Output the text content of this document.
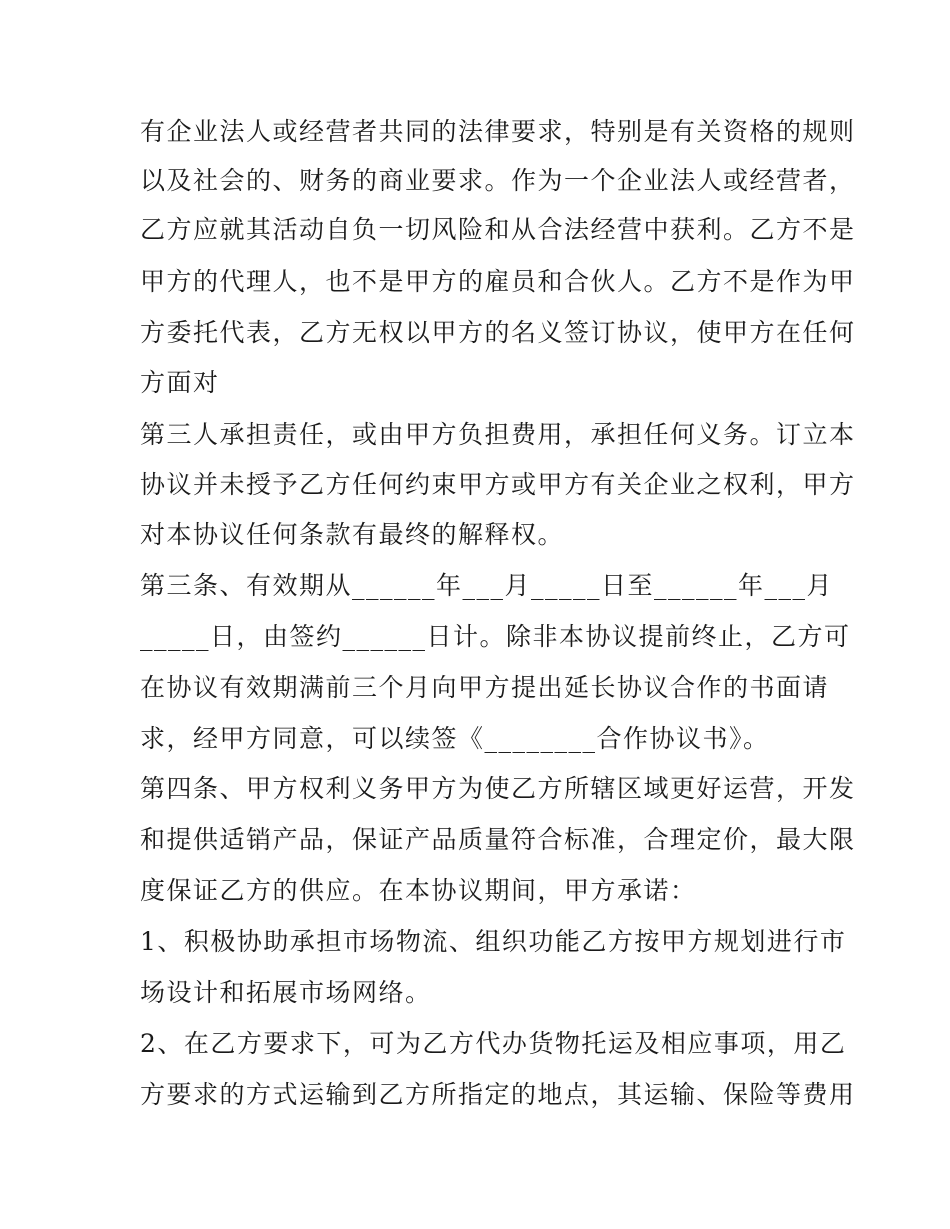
有企业法人或经营者共同的法律要求，特别是有关资格的规则
以及社会的、财务的商业要求。作为一个企业法人或经营者，
乙方应就其活动自负一切风险和从合法经营中获利。乙方不是
甲方的代理人，也不是甲方的雇员和合伙人。乙方不是作为甲
方委托代表，乙方无权以甲方的名义签订协议，使甲方在任何
方面对
第三人承担责任，或由甲方负担费用，承担任何义务。订立本
协议并未授予乙方任何约束甲方或甲方有关企业之权利，甲方
对本协议任何条款有最终的解释权。
第三条、有效期从______年___月_____日至______年___月
_____日，由签约______日计。除非本协议提前终止，乙方可
在协议有效期满前三个月向甲方提出延长协议合作的书面请
求，经甲方同意，可以续签《________合作协议书》。
第四条、甲方权利义务甲方为使乙方所辖区域更好运营，开发
和提供适销产品，保证产品质量符合标准，合理定价，最大限
度保证乙方的供应。在本协议期间，甲方承诺：
1、积极协助承担市场物流、组织功能乙方按甲方规划进行市
场设计和拓展市场网络。
2、在乙方要求下，可为乙方代办货物托运及相应事项，用乙
方要求的方式运输到乙方所指定的地点，其运输、保险等费用
